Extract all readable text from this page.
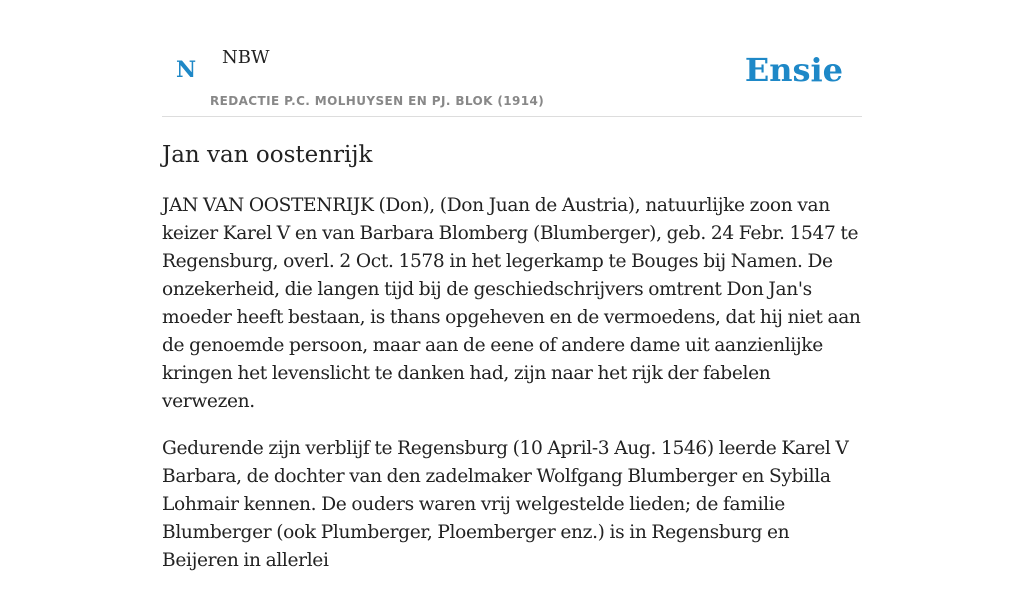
N NBW
REDACTIE P.C. MOLHUYSEN EN PJ. BLOK (1914)
Ensie
Jan van oostenrijk

JAN VAN OOSTENRIJK (Don), (Don Juan de Austria), natuurlijke zoon van keizer Karel V en van Barbara Blomberg (Blumberger), geb. 24 Febr. 1547 te Regensburg, overl. 2 Oct. 1578 in het legerkamp te Bouges bij Namen. De onzekerheid, die langen tijd bij de geschiedschrijvers omtrent Don Jan's moeder heeft bestaan, is thans opgeheven en de vermoedens, dat hij niet aan de genoemde persoon, maar aan de eene of andere dame uit aanzienlijke kringen het levenslicht te danken had, zijn naar het rijk der fabelen verwezen.

Gedurende zijn verblijf te Regensburg (10 April-3 Aug. 1546) leerde Karel V Barbara, de dochter van den zadelmaker Wolfgang Blumberger en Sybilla Lohmair kennen. De ouders waren vrij welgestelde lieden; de familie Blumberger (ook Plumberger, Ploemberger enz.) is in Regensburg en Beijeren in allerlei
